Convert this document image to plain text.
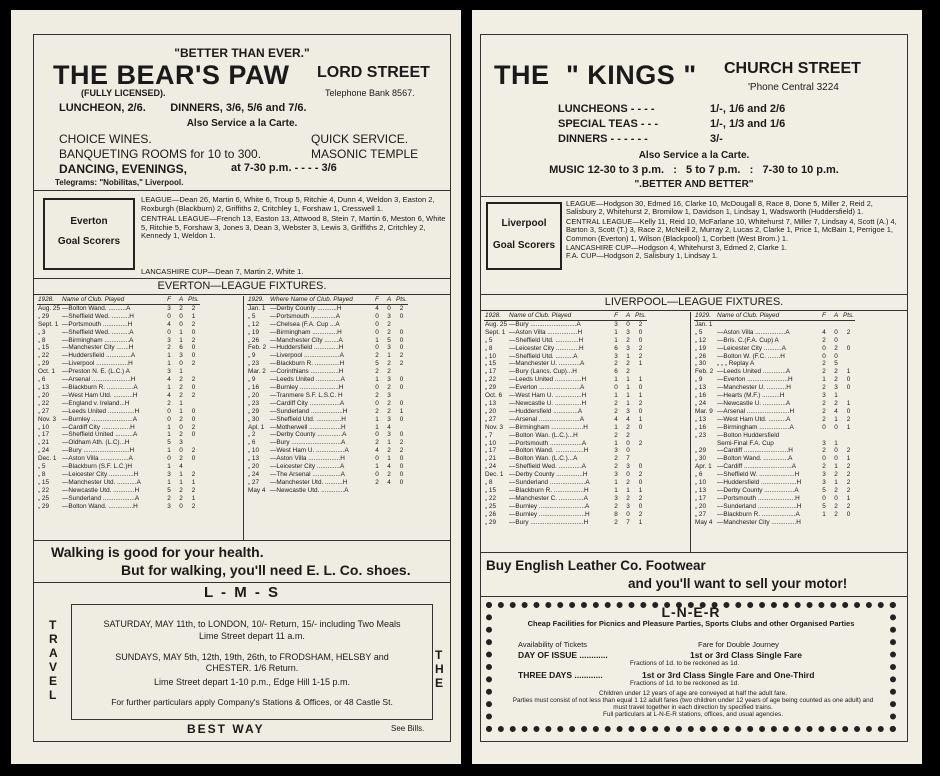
"BETTER THAN EVER."
THE BEAR'S PAW LORD STREET
(FULLY LICENSED).	Telephone Bank 8567.
LUNCHEON, 2/6.        DINNERS, 3/6, 5/6 and 7/6.
Also Service a la Carte.
CHOICE WINES.	QUICK SERVICE.
BANQUETING ROOMS for 10 to 300.	MASONIC TEMPLE
DANCING, EVENINGS,	at 7-30 p.m. - - - - 3/6
Telegrams: "Nobilitas," Liverpool.
Everton
Goal Scorers
LEAGUE—Dean 26, Martin 6, White 6, Troup 5, Ritchie 4, Dunn 4, Weldon 3, Easton 2, Roxburgh (Blackburn) 2, Griffiths 2, Critchley 1, Forshaw 1, Cresswell 1.
CENTRAL LEAGUE—French 13, Easton 13, Attwood 8, Stein 7, Martin 6, Meston 6, White 5, Ritchie 5, Forshaw 3, Jones 3, Dean 3, Webster 3, Lewis 3, Griffiths 2, Critchley 2, Kennedy 1, Weldon 1.
LANCASHIRE CUP—Dean 7, Martin 2, White 1.
EVERTON—LEAGUE FIXTURES.
1928.	Name of Club. Played	F	A	Pts.
Aug. 25	—Bolton Wand. ..........A	3	2	2
„ 29	—Sheffield Wed. ..........H	0	0	1
Sept. 1	—Portsmouth ..............H	4	0	2
„ 3	—Sheffield Wed. ..........A	0	1	0
„ 8	—Birmingham ..............A	3	1	2
„ 15	—Manchester City .......H	2	6	0
„ 22	—Huddersfield ..............A	1	3	0
„ 29	—Liverpool ..................H	1	0	2
Oct. 1	—Preston N. E. (L.C.) A	3	1	
„ 6	—Arsenal ......................H	4	2	2
„ 13	—Blackburn R. ...............A	1	2	0
„ 20	—West Ham Utd. ...........H	4	2	2
„ 22	—England v. Ireland...H	2	1	
„ 27	—Leeds United ...............H	0	1	0
Nov. 3	—Burnley .......................A	0	2	0
„ 10	—Cardiff City ................H	1	0	2
„ 17	—Sheffield United ..........A	1	2	0
„ 21	—Oldham Ath. (L.C)...H	5	3	
„ 24	—Bury ..........................H	1	0	2
Dec. 1	—Aston Villa ................A	0	2	0
„ 5	—Blackburn (S.F. L.C.)H	1	4	
„ 8	—Leicester City ..............H	3	1	2
„ 15	—Manchester Utd. ...........A	1	1	1
„ 22	—Newcastle Utd. ............H	5	2	2
„ 25	—Sunderland ..................A	2	2	1
„ 29	—Bolton Wand. ..............H	3	0	2
1929.	Where Name of Club. Played	F	A	Pts.
Jan. 1	—Derby County ...........H	4	0	2
„ 5	—Portsmouth ..............A	0	3	0
„ 12	—Chelsea (F.A. Cup ...A	0	2	
„ 19	—Birmingham ..............H	0	2	0
„ 26	—Manchester City ........A	1	5	0
Feb. 2	—Huddersfield ..............H	0	3	0
„ 9	—Liverpool ....................A	2	1	2
„ 23	—Blackburn R. ..............H	5	2	2
Mar. 2	—Corinthians ................H	2	2	
„ 9	—Leeds United ..............A	1	3	0
„ 16	—Burnley ......................H	0	2	0
„ 20	—Tranmere S.F. L.S.C. H	2	3	
„ 23	—Cardiff City .................A	0	2	0
„ 29	—Sunderland ..................H	2	2	1
„ 30	—Sheffield Utd. ..............H	1	3	0
Apl. 1	—Motherwell ..................H	1	4	
„ 2	—Derby County ..............A	0	3	0
„ 6	—Bury ............................A	2	1	2
„ 10	—West Ham U. ................A	4	2	2
„ 13	—Aston Villa ..................H	0	1	0
„ 20	—Leicester City .............A	1	4	0
„ 24	—The Arsenal ................A	0	2	0
„ 27	—Manchester Utd. ..........H	2	4	0
May 4	—Newcastle Utd. .............A			
Walking is good for your health.
But for walking, you'll need E. L. Co. shoes.
L - M - S
T
R
A
V
E
L
SATURDAY, MAY 11th, to LONDON, 10/- Return, 15/- including Two Meals
Lime Street depart 11 a.m.
SUNDAYS, MAY 5th, 12th, 19th, 26th, to FRODSHAM, HELSBY and CHESTER. 1/6 Return.
Lime Street depart 1-10 p.m., Edge Hill 1-15 p.m.
For further particulars apply Company's Stations & Offices, or 48 Castle St.
T
H
E
BEST WAY	See Bills.
THE " KINGS " CHURCH STREET
'Phone Central 3224
LUNCHEONS - - - -	1/-, 1/6 and 2/6
SPECIAL TEAS - - -	1/-, 1/3 and 1/6
DINNERS - - - - - -	3/-
Also Service a la Carte.
MUSIC 12-30 to 3 p.m.   :   5 to 7 p.m.   :   7-30 to 10 p.m.
".BETTER AND BETTER"
Liverpool
Goal Scorers
LEAGUE—Hodgson 30, Edmed 16, Clarke 10, McDougall 8, Race 8, Done 5, Miller 2, Reid 2, Salisbury 2, Whitehurst 2, Bromilow 1, Davidson 1, Lindsay 1, Wadsworth (Huddersfield) 1.
CENTRAL LEAGUE—Kelly 11, Reid 10, McFarlane 10, Whitehurst 7, Miller 7, Lindsay 4, Scott (A.) 4, Barton 3, Scott (T.) 3, Race 2, McNeill 2, Murray 2, Lucas 2, Clarke 1, Price 1, McBain 1, Perrigoe 1, Common (Everton) 1, Wilson (Blackpool) 1, Corbett (West Brom.) 1.
LANCASHIRE CUP—Hodgson 4, Whitehurst 3, Edmed 2, Clarke 1.
F.A. CUP—Hodgson 2, Salisbury 1, Lindsay 1.
LIVERPOOL—LEAGUE FIXTURES.
1928.	Name of Club. Played	F	A	Pts.
Aug. 25	—Bury ..........................A	3	0	2
Sept. 1	—Aston Villa .................H	1	3	0
„ 5	—Sheffield Utd. .............H	1	2	0
„ 8	—Leicester City .............H	6	3	2
„ 10	—Sheffield Utd. ..........A	3	1	2
„ 15	—Manchester U. ............A	2	2	1
„ 17	—Bury (Lancs. Cup)...H	6	2	
„ 22	—Leeds United ...............H	1	1	1
„ 29	—Everton .......................A	0	1	0
Oct. 6	—West Ham U. ...............H	1	1	1
„ 13	—Newcastle U. ...............H	2	1	2
„ 20	—Huddersfield ..............A	2	3	0
„ 27	—Arsenal .......................A	4	4	1
Nov. 3	—Birmingham ..................H	1	2	0
„ 7	—Bolton Wan. (L.C.)...H	2	2	
„ 10	—Portsmouth ..................A	1	0	2
„ 17	—Bolton Wand. ................H	3	0	
„ 21	—Bolton Wan. (L.C.)...A	2	7	
„ 24	—Sheffield Wed. .............A	2	3	0
Dec. 1	—Derby County ...............H	3	0	2
„ 8	—Sunderland ....................A	1	2	0
„ 15	—Blackburn R. .................H	1	1	1
„ 22	—Manchester C. ..............A	3	2	2
„ 25	—Burnley ..........................A	2	3	0
„ 26	—Burnley ..........................H	8	0	2
„ 29	—Bury ..............................H	2	7	1
1929.	Name of Club. Played	F	A	Pts.
Jan. 1				
„ 5	—Aston Villa .................A	4	0	2
„ 12	—Bris. C.(F.A. Cup) A	2	0	
„ 19	—Leicester City ..........A	0	2	0
„ 26	—Bolton W. (F.C. .......H	0	0	
„ 30	„ „ „ Replay A	2	5	
Feb. 2	—Leeds United .............A	2	2	1
„ 9	—Everton .......................H	1	2	0
„ 13	—Manchester U. ...........H	2	3	0
„ 16	—Hearts (M.F.) ..........H	3	1	
„ 24	—Newcastle U. .............A	2	2	1
Mar. 9	—Arsenal ........................H	2	4	0
„ 13	—West Ham Utd. ..........A	2	1	2
„ 16	—Birmingham .................A	0	0	1
„ 23	—Bolton Huddersfield			
	Semi-Final F.A. Cup	3	1	
„ 29	—Cardiff .........................H	2	0	2
„ 30	—Bolton Wand. ..............A	0	0	1
Apr. 1	—Cardiff ...........................A	2	1	2
„ 6	—Sheffield W. ....................H	3	2	2
„ 10	—Huddersfield ....................H	3	1	2
„ 13	—Derby County .................A	5	2	2
„ 17	—Portsmouth .....................H	0	0	1
„ 20	—Sunderland ......................H	5	2	2
„ 27	—Blackburn R. ...................A	1	2	0
May 4	—Manchester City ..............H			
Buy English Leather Co. Footwear
and you'll want to sell your motor!
L-N-E-R
Cheap Facilities for Picnics and Pleasure Parties, Sports Clubs and other Organised Parties
Availability of Tickets	Fare for Double Journey
DAY OF ISSUE ............	1st or 3rd Class Single Fare
Fractions of 1d. to be reckoned as 1d.
THREE DAYS ............	1st or 3rd Class Single Fare and One-Third
Fractions of 1d. to be reckoned as 1d.
Children under 12 years of age are conveyed at half the adult fare.
Parties must consist of not less than equal 1 12 adult fares (two children under 12 years of age being counted as one adult) and must travel together in each direction by specified trains.
Full particulars at L-N-E-R stations, offices, and usual agencies.
